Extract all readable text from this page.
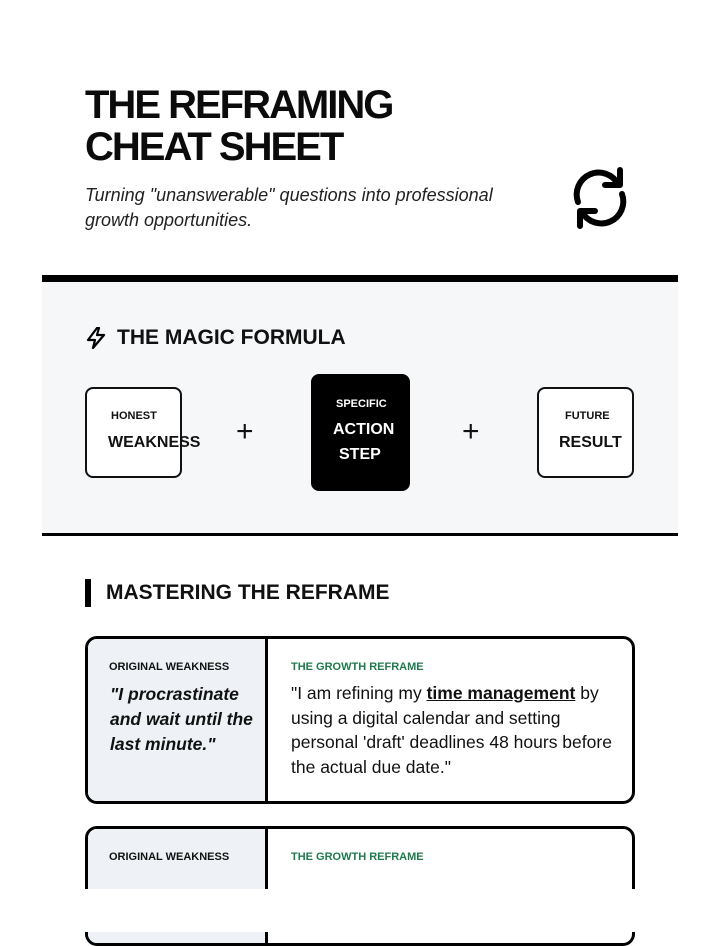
THE REFRAMING
CHEAT SHEET
Turning "unanswerable" questions into professional growth opportunities.
THE MAGIC FORMULA
HONEST
WEAKNESS +
SPECIFIC
ACTION
STEP
+	FUTURE
RESULT
MASTERING THE REFRAME
ORIGINAL WEAKNESS
"I procrastinate and wait until the last minute."
THE GROWTH REFRAME
"I am refining my time management by using a digital calendar and setting personal 'draft' deadlines 48 hours before the actual due date."
ORIGINAL WEAKNESS	THE GROWTH REFRAME
